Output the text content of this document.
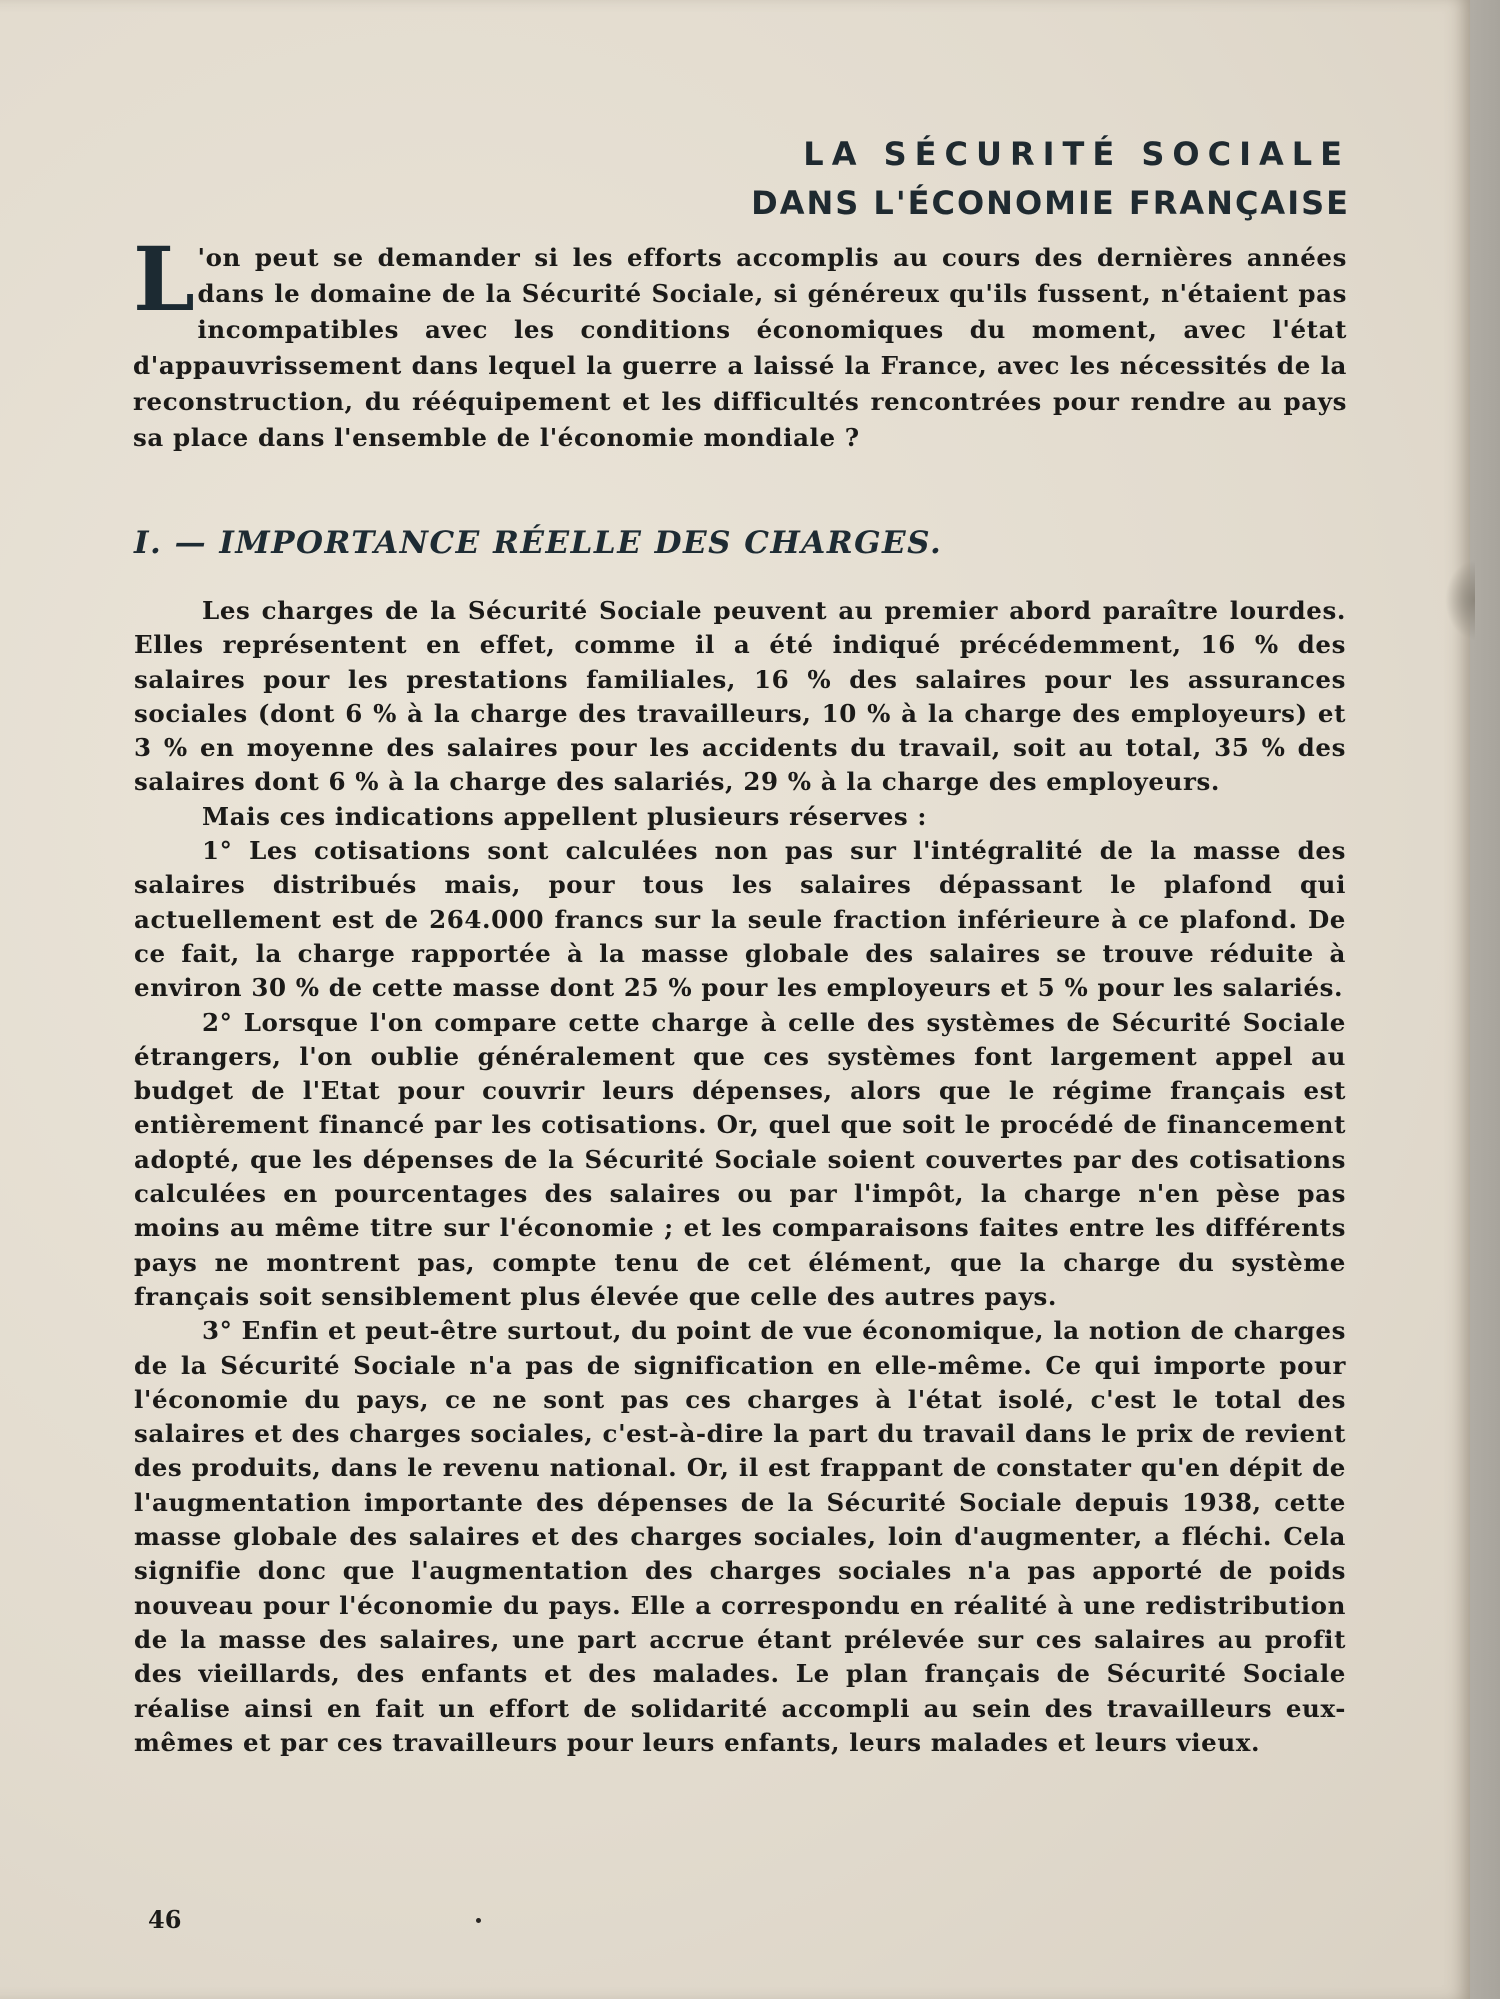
LA SÉCURITÉ SOCIALE
DANS L'ÉCONOMIE FRANÇAISE
L 'on peut se demander si les efforts accomplis au cours des dernières années dans le domaine de la Sécurité Sociale, si généreux qu'ils fussent, n'étaient pas incompatibles avec les conditions économiques du moment, avec l'état d'appauvrissement dans lequel la guerre a laissé la France, avec les nécessités de la reconstruction, du rééquipement et les difficultés rencontrées pour rendre au pays sa place dans l'ensemble de l'économie mondiale ?
I. — IMPORTANCE RÉELLE DES CHARGES.

Les charges de la Sécurité Sociale peuvent au premier abord paraître lourdes. Elles représentent en effet, comme il a été indiqué précédemment, 16 % des salaires pour les prestations familiales, 16 % des salaires pour les assurances sociales (dont 6 % à la charge des travailleurs, 10 % à la charge des employeurs) et 3 % en moyenne des salaires pour les accidents du travail, soit au total, 35 % des salaires dont 6 % à la charge des salariés, 29 % à la charge des employeurs.

Mais ces indications appellent plusieurs réserves :

1° Les cotisations sont calculées non pas sur l'intégralité de la masse des salaires distribués mais, pour tous les salaires dépassant le plafond qui actuellement est de 264.000 francs sur la seule fraction inférieure à ce plafond. De ce fait, la charge rapportée à la masse globale des salaires se trouve réduite à environ 30 % de cette masse dont 25 % pour les employeurs et 5 % pour les salariés.

2° Lorsque l'on compare cette charge à celle des systèmes de Sécurité Sociale étrangers, l'on oublie généralement que ces systèmes font largement appel au budget de l'Etat pour couvrir leurs dépenses, alors que le régime français est entièrement financé par les cotisations. Or, quel que soit le procédé de financement adopté, que les dépenses de la Sécurité Sociale soient couvertes par des cotisations calculées en pourcentages des salaires ou par l'impôt, la charge n'en pèse pas moins au même titre sur l'économie ; et les comparaisons faites entre les différents pays ne montrent pas, compte tenu de cet élément, que la charge du système français soit sensiblement plus élevée que celle des autres pays.

3° Enfin et peut-être surtout, du point de vue économique, la notion de charges de la Sécurité Sociale n'a pas de signification en elle-même. Ce qui importe pour l'économie du pays, ce ne sont pas ces charges à l'état isolé, c'est le total des salaires et des charges sociales, c'est-à-dire la part du travail dans le prix de revient des produits, dans le revenu national. Or, il est frappant de constater qu'en dépit de l'augmentation importante des dépenses de la Sécurité Sociale depuis 1938, cette masse globale des salaires et des charges sociales, loin d'augmenter, a fléchi. Cela signifie donc que l'augmentation des charges sociales n'a pas apporté de poids nouveau pour l'économie du pays. Elle a correspondu en réalité à une redistribution de la masse des salaires, une part accrue étant prélevée sur ces salaires au profit des vieillards, des enfants et des malades. Le plan français de Sécurité Sociale réalise ainsi en fait un effort de solidarité accompli au sein des travailleurs eux-mêmes et par ces travailleurs pour leurs enfants, leurs malades et leurs vieux.

46
